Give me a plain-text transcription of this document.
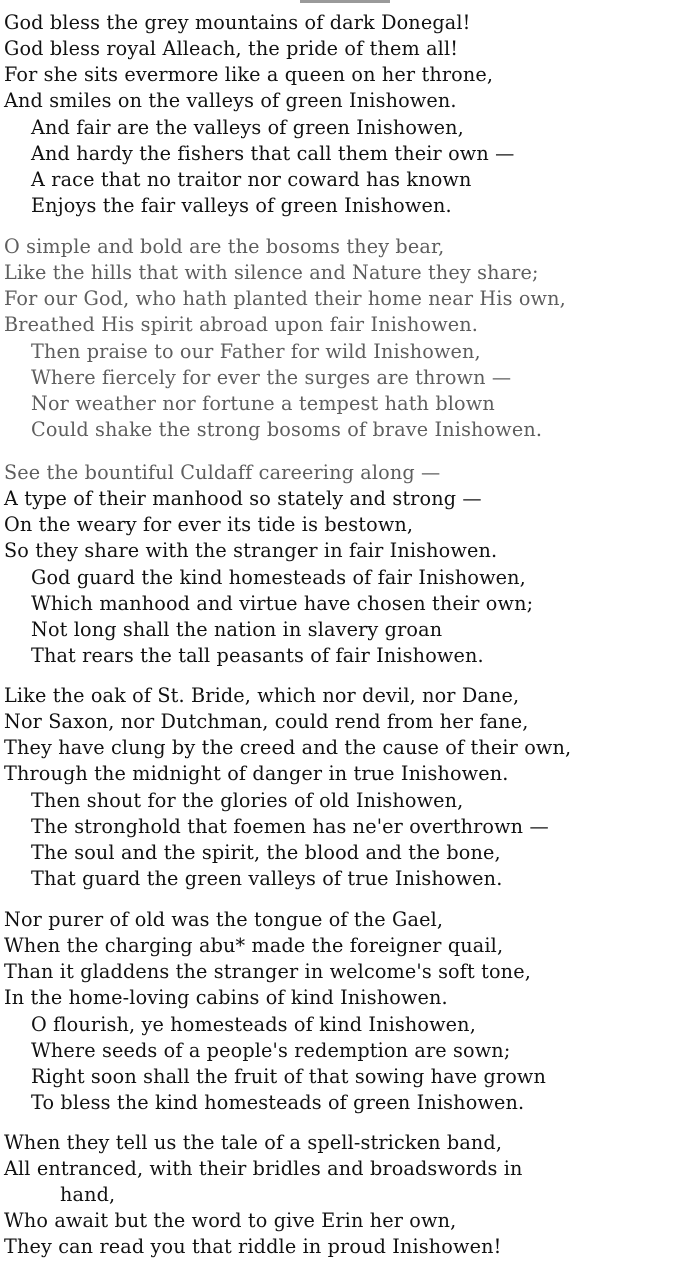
God bless the grey mountains of dark Donegal!
God bless royal Alleach, the pride of them all!
For she sits evermore like a queen on her throne,
And smiles on the valleys of green Inishowen.
And fair are the valleys of green Inishowen,
And hardy the fishers that call them their own —
A race that no traitor nor coward has known
Enjoys the fair valleys of green Inishowen.
O simple and bold are the bosoms they bear,
Like the hills that with silence and Nature they share;
For our God, who hath planted their home near His own,
Breathed His spirit abroad upon fair Inishowen.
Then praise to our Father for wild Inishowen,
Where fiercely for ever the surges are thrown —
Nor weather nor fortune a tempest hath blown
Could shake the strong bosoms of brave Inishowen.
See the bountiful Culdaff careering along —
A type of their manhood so stately and strong —
On the weary for ever its tide is bestown,
So they share with the stranger in fair Inishowen.
God guard the kind homesteads of fair Inishowen,
Which manhood and virtue have chosen their own;
Not long shall the nation in slavery groan
That rears the tall peasants of fair Inishowen.
Like the oak of St. Bride, which nor devil, nor Dane,
Nor Saxon, nor Dutchman, could rend from her fane,
They have clung by the creed and the cause of their own,
Through the midnight of danger in true Inishowen.
Then shout for the glories of old Inishowen,
The stronghold that foemen has ne'er overthrown —
The soul and the spirit, the blood and the bone,
That guard the green valleys of true Inishowen.
Nor purer of old was the tongue of the Gael,
When the charging abu* made the foreigner quail,
Than it gladdens the stranger in welcome's soft tone,
In the home-loving cabins of kind Inishowen.
O flourish, ye homesteads of kind Inishowen,
Where seeds of a people's redemption are sown;
Right soon shall the fruit of that sowing have grown
To bless the kind homesteads of green Inishowen.
When they tell us the tale of a spell-stricken band,
All entranced, with their bridles and broadswords in
hand,
Who await but the word to give Erin her own,
They can read you that riddle in proud Inishowen!
